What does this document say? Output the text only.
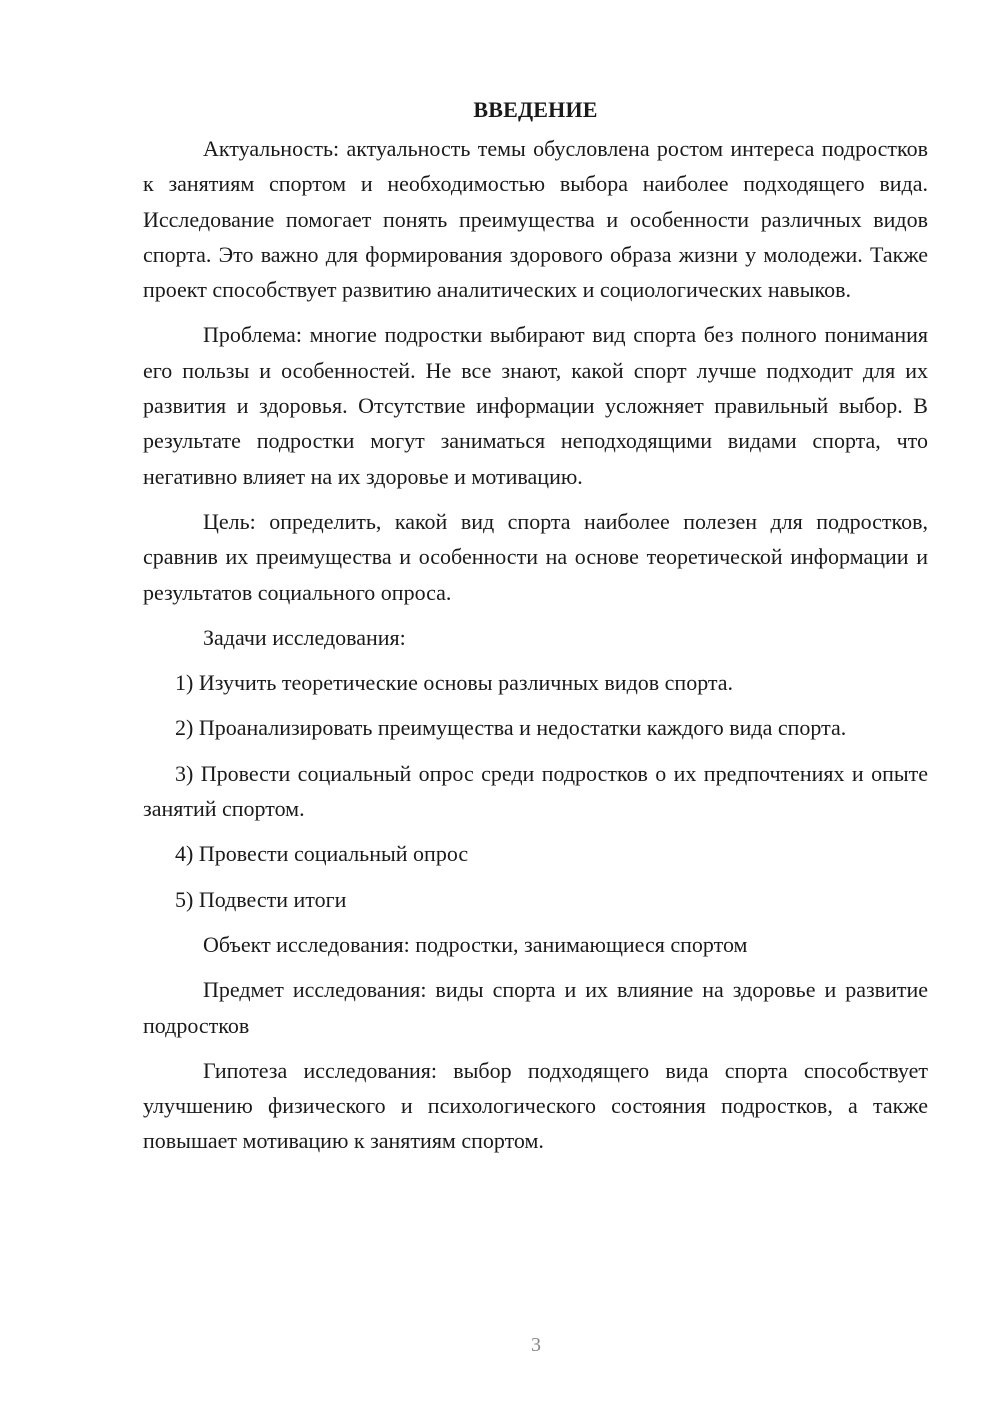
ВВЕДЕНИЕ

Актуальность: актуальность темы обусловлена ростом интереса подростков к занятиям спортом и необходимостью выбора наиболее подходящего вида. Исследование помогает понять преимущества и особенности различных видов спорта. Это важно для формирования здорового образа жизни у молодежи. Также проект способствует развитию аналитических и социологических навыков.

Проблема: многие подростки выбирают вид спорта без полного понимания его пользы и особенностей. Не все знают, какой спорт лучше подходит для их развития и здоровья. Отсутствие информации усложняет правильный выбор. В результате подростки могут заниматься неподходящими видами спорта, что негативно влияет на их здоровье и мотивацию.

Цель: определить, какой вид спорта наиболее полезен для подростков, сравнив их преимущества и особенности на основе теоретической информации и результатов социального опроса.

Задачи исследования:

1) Изучить теоретические основы различных видов спорта.

2) Проанализировать преимущества и недостатки каждого вида спорта.

3) Провести социальный опрос среди подростков о их предпочтениях и опыте занятий спортом.

4) Провести социальный опрос

5) Подвести итоги

Объект исследования: подростки, занимающиеся спортом

Предмет исследования: виды спорта и их влияние на здоровье и развитие подростков

Гипотеза исследования: выбор подходящего вида спорта способствует улучшению физического и психологического состояния подростков, а также повышает мотивацию к занятиям спортом.

3
